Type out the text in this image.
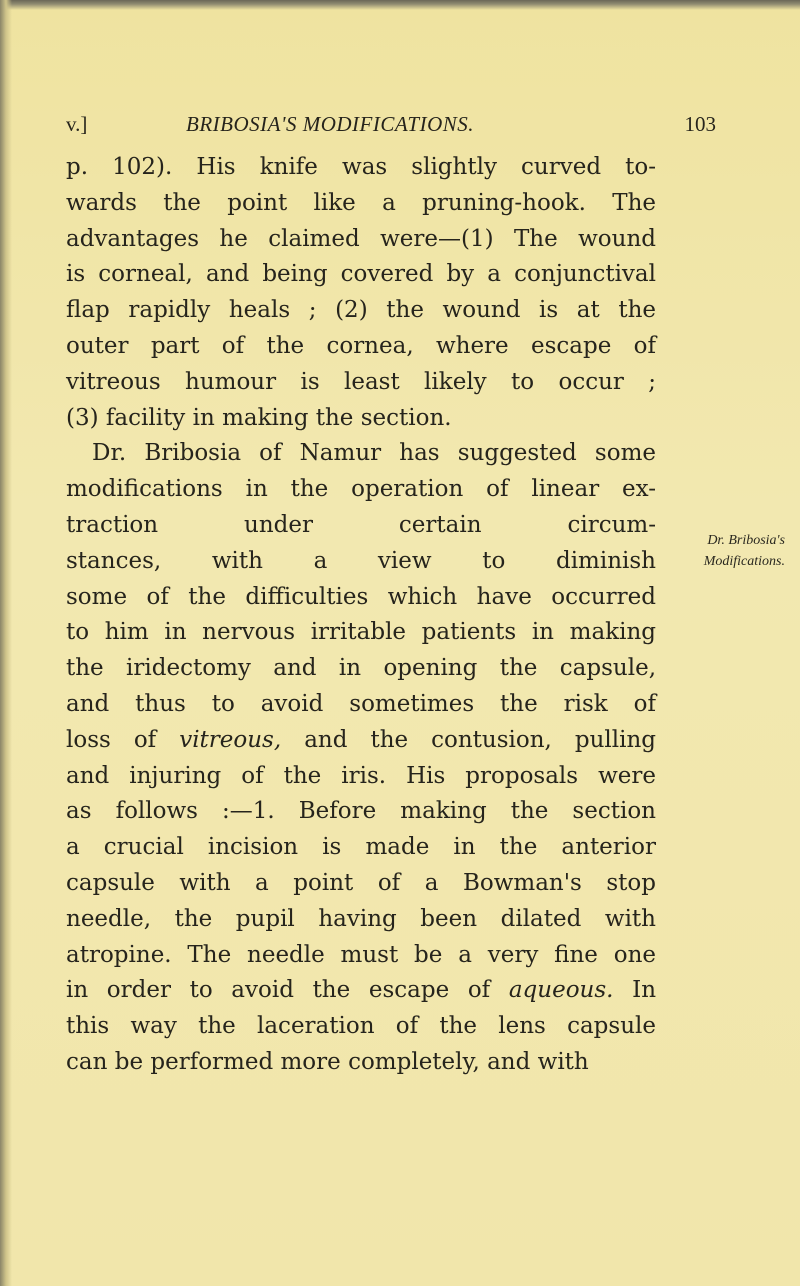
v.]	BRIBOSIA'S MODIFICATIONS.	103
p. 102). His knife was slightly curved to-
wards the point like a pruning-hook. The
advantages he claimed were—(1) The wound
is corneal, and being covered by a conjunctival
flap rapidly heals ; (2) the wound is at the
outer part of the cornea, where escape of
vitreous humour is least likely to occur ;
(3) facility in making the section.
Dr. Bribosia of Namur has suggested some
modifications in the operation of linear ex-
traction under certain circum-
stances, with a view to diminish
some of the difficulties which have occurred
to him in nervous irritable patients in making
the iridectomy and in opening the capsule,
and thus to avoid sometimes the risk of
loss of vitreous, and the contusion, pulling
and injuring of the iris. His proposals were
as follows :—1. Before making the section
a crucial incision is made in the anterior
capsule with a point of a Bowman's stop
needle, the pupil having been dilated with
atropine. The needle must be a very fine one
in order to avoid the escape of aqueous. In
this way the laceration of the lens capsule
can be performed more completely, and with
Dr. Bribosia's
Modifications.
